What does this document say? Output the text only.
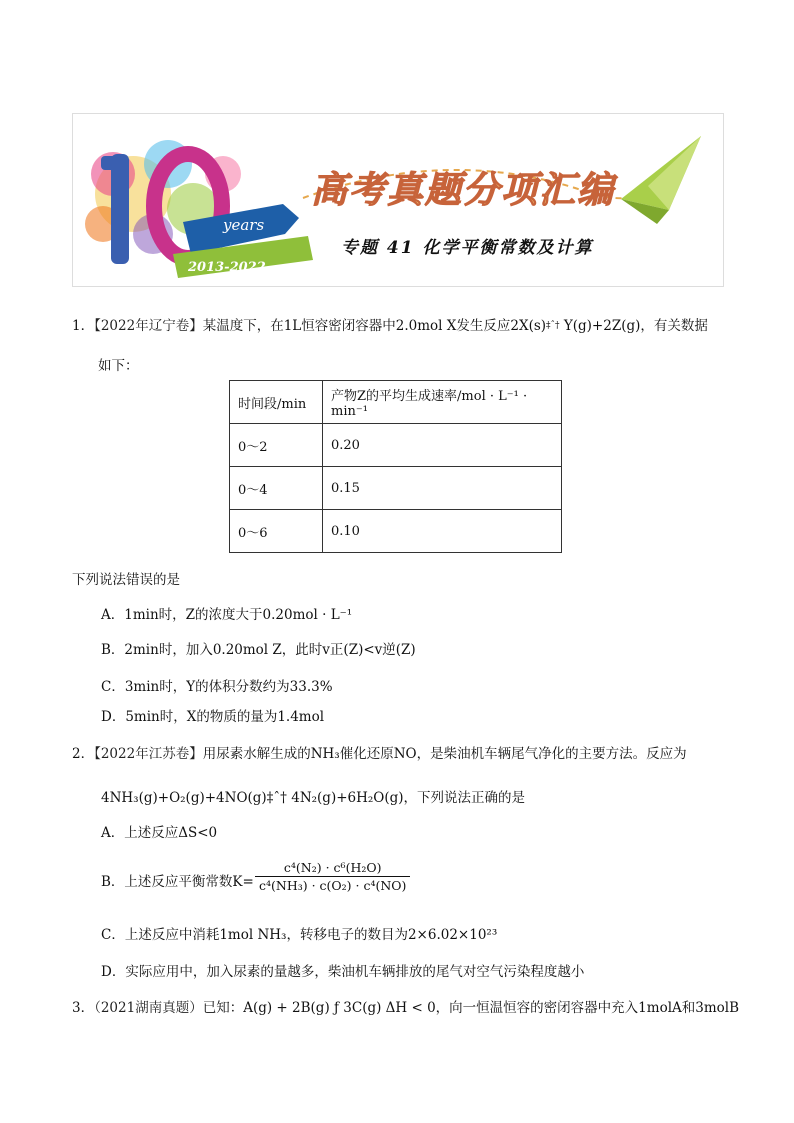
years
2013-2022
高考真题分项汇编
专题 41 化学平衡常数及计算
1．【2022年辽宁卷】某温度下，在1L恒容密闭容器中2.0mol X发生反应$2X(s)^{\ddagger ˆ\dagger}$ Y(g)+2Z(g)，有关数据
如下：
时间段/min	产物Z的平均生成速率/mol · L⁻¹ · min⁻¹
0～2	0.20
0～4	0.15
0～6	0.10
下列说法错误的是
A．1min时，Z的浓度大于0.20mol · L⁻¹
B．2min时，加入0.20mol Z，此时v正(Z)<v逆(Z)
C．3min时，Y的体积分数约为33.3%
D．5min时，X的物质的量为1.4mol
2．【2022年江苏卷】用尿素水解生成的NH₃催化还原NO，是柴油机车辆尾气净化的主要方法。反应为
4NH₃(g)+O₂(g)+4NO(g)‡ˆ† 4N₂(g)+6H₂O(g)，下列说法正确的是
A．上述反应ΔS<0
B．上述反应平衡常数$K= \frac{\text{c⁴(N₂) · c⁶(H₂O)}}{\text{c⁴(NH₃) · c(O₂) · c⁴(NO)}}$
C．上述反应中消耗1mol NH₃，转移电子的数目为2×6.02×10²³
D．实际应用中，加入尿素的量越多，柴油机车辆排放的尾气对空气污染程度越小
3．（2021湖南真题）已知：A(g) + 2B(g) ƒ 3C(g) ΔH < 0，向一恒温恒容的密闭容器中充入1molA和3molB
